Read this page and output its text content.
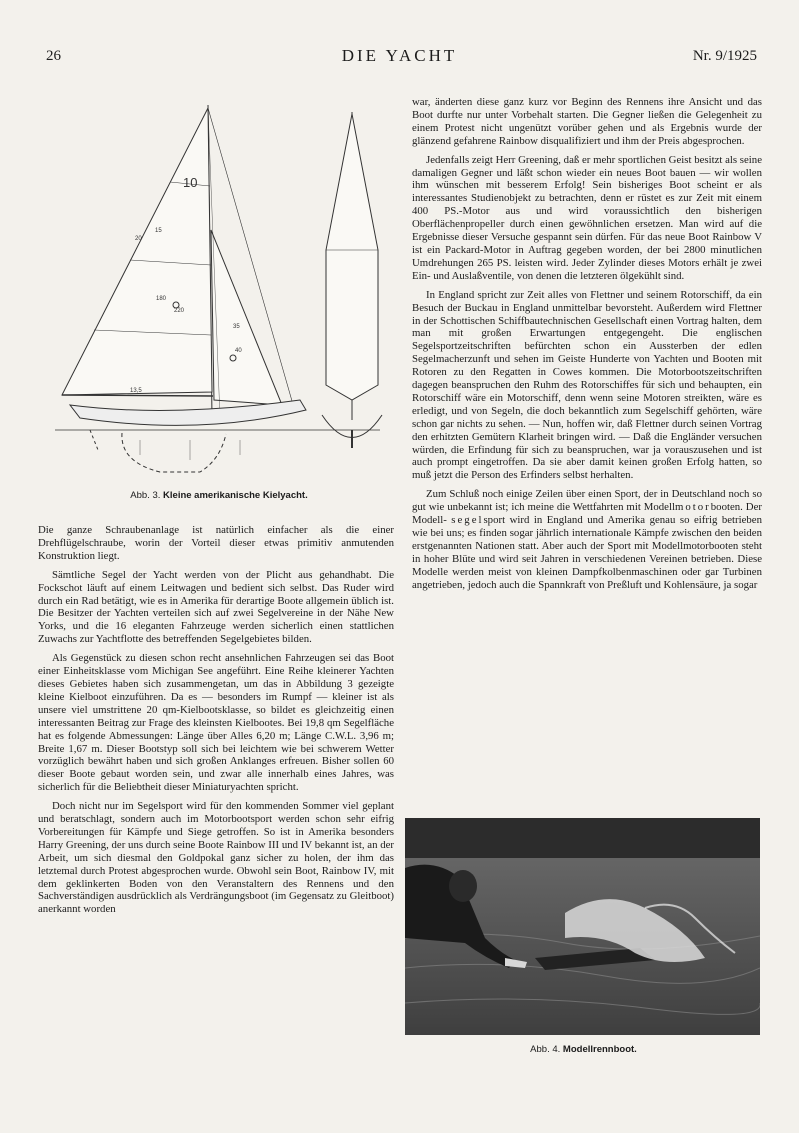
26	DIE YACHT	Nr. 9/1925
10
180
220
40
15
20
35
13,5
Abb. 3. Kleine amerikanische Kielyacht.

Die ganze Schraubenanlage ist natürlich einfacher als die einer Drehflügelschraube, worin der Vorteil dieser etwas primitiv anmutenden Konstruktion liegt.

Sämtliche Segel der Yacht werden von der Plicht aus gehandhabt. Die Fockschot läuft auf einem Leitwagen und bedient sich selbst. Das Ruder wird durch ein Rad betätigt, wie es in Amerika für derartige Boote allgemein üblich ist. Die Besitzer der Yachten verteilen sich auf zwei Segelvereine in der Nähe New Yorks, und die 16 eleganten Fahrzeuge werden sicherlich einen stattlichen Zuwachs zur Yachtflotte des betreffenden Segelgebietes bilden.

Als Gegenstück zu diesen schon recht ansehnlichen Fahrzeugen sei das Boot einer Einheitsklasse vom Michigan See angeführt. Eine Reihe kleinerer Yachten dieses Gebietes haben sich zusammengetan, um das in Abbildung 3 gezeigte kleine Kielboot einzuführen. Da es — besonders im Rumpf — kleiner ist als unsere viel umstrittene 20 qm-Kielbootsklasse, so bildet es gleichzeitig einen interessanten Beitrag zur Frage des kleinsten Kielbootes. Bei 19,8 qm Segelfläche hat es folgende Abmessungen: Länge über Alles 6,20 m; Länge C.W.L. 3,96 m; Breite 1,67 m. Dieser Bootstyp soll sich bei leichtem wie bei schwerem Wetter vorzüglich bewährt haben und sich großen Anklanges erfreuen. Bisher sollen 60 dieser Boote gebaut worden sein, und zwar alle innerhalb eines Jahres, was sicherlich für die Beliebtheit dieser Miniaturyachten spricht.

Doch nicht nur im Segelsport wird für den kommenden Sommer viel geplant und beratschlagt, sondern auch im Motorbootsport werden schon sehr eifrig Vorbereitungen für Kämpfe und Siege getroffen. So ist in Amerika besonders Harry Greening, der uns durch seine Boote Rainbow III und IV bekannt ist, an der Arbeit, um sich diesmal den Goldpokal ganz sicher zu holen, der ihm das letztemal durch Protest abgesprochen wurde. Obwohl sein Boot, Rainbow IV, mit dem geklinkerten Boden von den Veranstaltern des Rennens und den Sachverständigen ausdrücklich als Verdrängungsboot (im Gegensatz zu Gleitboot) anerkannt worden

war, änderten diese ganz kurz vor Beginn des Rennens ihre Ansicht und das Boot durfte nur unter Vorbehalt starten. Die Gegner ließen die Gelegenheit zu einem Protest nicht ungenützt vorüber gehen und als Ergebnis wurde der glänzend gefahrene Rainbow disqualifiziert und ihm der Preis abgesprochen.

Jedenfalls zeigt Herr Greening, daß er mehr sportlichen Geist besitzt als seine damaligen Gegner und läßt schon wieder ein neues Boot bauen — wir wollen ihm wünschen mit besserem Erfolg! Sein bisheriges Boot scheint er als interessantes Studienobjekt zu betrachten, denn er rüstet es zur Zeit mit einem 400 PS.-Motor aus und wird voraussichtlich den bisherigen Oberflächenpropeller durch einen gewöhnlichen ersetzen. Man wird auf die Ergebnisse dieser Versuche gespannt sein dürfen. Für das neue Boot Rainbow V ist ein Packard-Motor in Auftrag gegeben worden, der bei 2800 minutlichen Umdrehungen 265 PS. leisten wird. Jeder Zylinder dieses Motors erhält je zwei Ein- und Auslaßventile, von denen die letzteren ölgekühlt sind.

In England spricht zur Zeit alles von Flettner und seinem Rotorschiff, da ein Besuch der Buckau in England unmittelbar bevorsteht. Außerdem wird Flettner in der Schottischen Schiffbautechnischen Gesellschaft einen Vortrag halten, dem man mit großen Erwartungen entgegengeht. Die englischen Segelsportzeitschriften befürchten schon ein Aussterben der edlen Segelmacherzunft und sehen im Geiste Hunderte von Yachten und Booten mit Rotoren zu den Regatten in Cowes kommen. Die Motorbootszeitschriften dagegen beanspruchen den Ruhm des Rotorschiffes für sich und behaupten, ein Rotorschiff wäre ein Motorschiff, denn wenn seine Motoren streikten, wäre es erledigt, und von Segeln, die doch bekanntlich zum Segelschiff gehörten, wäre schon gar nichts zu sehen. — Nun, hoffen wir, daß Flettner durch seinen Vortrag den erhitzten Gemütern Klarheit bringen wird. — Daß die Engländer versuchen würden, die Erfindung für sich zu beanspruchen, war ja vorauszusehen und ist auch prompt eingetroffen. Da sie aber damit keinen großen Erfolg hatten, so muß jetzt die Person des Erfinders selbst herhalten.

Zum Schluß noch einige Zeilen über einen Sport, der in Deutschland noch so gut wie unbekannt ist; ich meine die Wettfahrten mit Modellmotorbooten. Der Modell- segelsport wird in England und Amerika genau so eifrig betrieben wie bei uns; es finden sogar jährlich internationale Kämpfe zwischen den beiden erstgenannten Nationen statt. Aber auch der Sport mit Modellmotorbooten steht in hoher Blüte und wird seit Jahren in verschiedenen Vereinen betrieben. Diese Modelle werden meist von kleinen Dampfkolbenmaschinen oder gar Turbinen angetrieben, jedoch auch die Spannkraft von Preßluft und Kohlensäure, ja sogar

Abb. 4. Modellrennboot.
